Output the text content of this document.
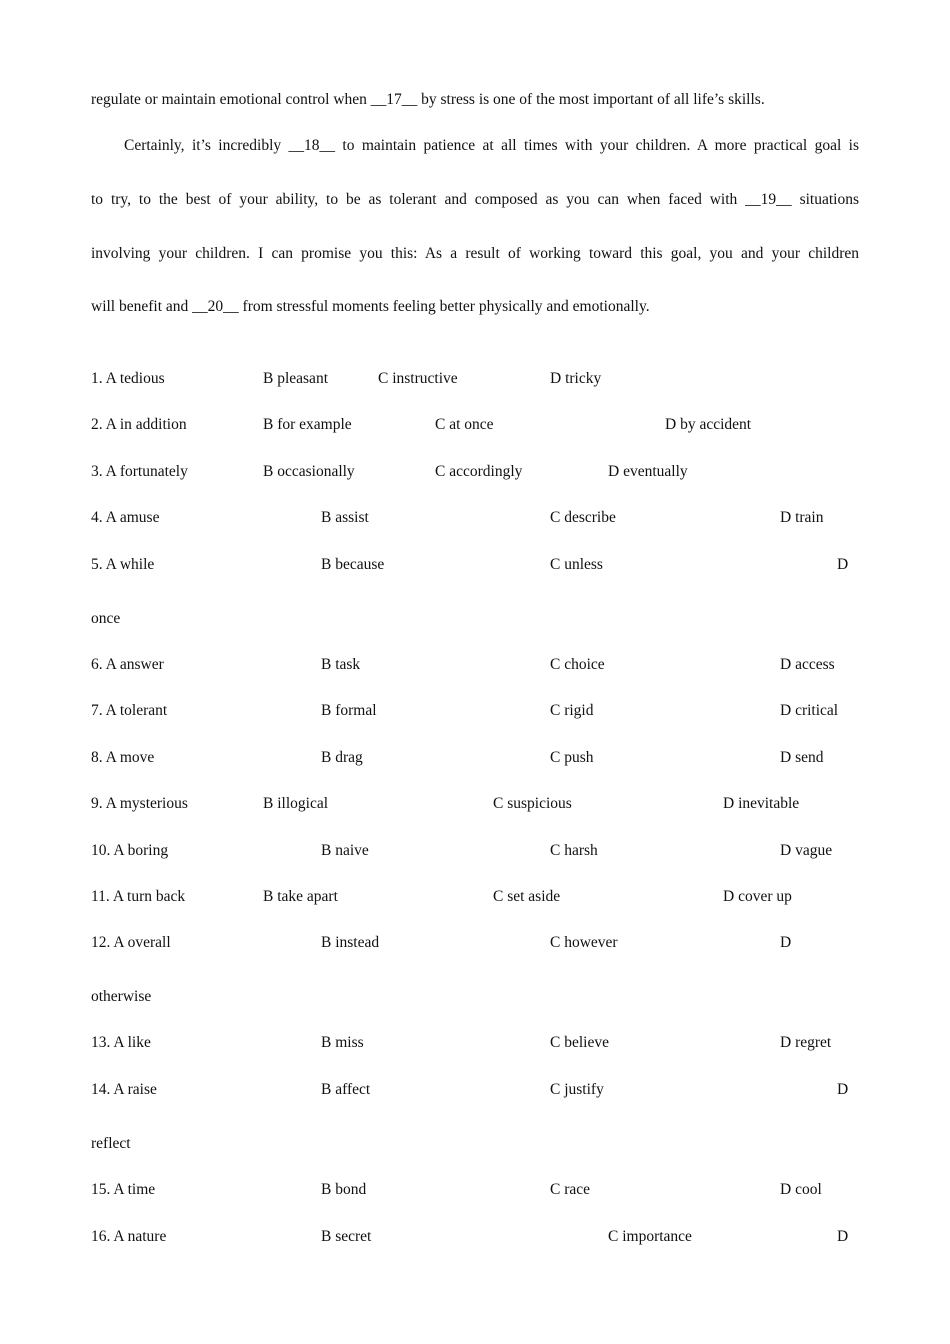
regulate or maintain emotional control when __17__ by stress is one of the most important of all life’s skills.
Certainly, it’s incredibly __18__ to maintain patience at all times with your children. A more practical goal is
to try, to the best of your ability, to be as tolerant and composed as you can when faced with __19__ situations
involving your children. I can promise you this: As a result of working toward this goal, you and your children
will benefit and __20__ from stressful moments feeling better physically and emotionally.
1. A tedious	B pleasant	C instructive	D tricky
2. A in addition	B for example	C at once	D by accident
3. A fortunately	B occasionally	C accordingly	D eventually
4. A amuse	B assist	C describe	D train
5. A while	B because	C unless	D
once
6. A answer	B task	C choice	D access
7. A tolerant	B formal	C rigid	D critical
8. A move	B drag	C push	D send
9. A mysterious	B illogical	C suspicious	D inevitable
10. A boring	B naive	C harsh	D vague
11. A turn back	B take apart	C set aside	D cover up
12. A overall	B instead	C however	D
otherwise
13. A like	B miss	C believe	D regret
14. A raise	B affect	C justify	D
reflect
15. A time	B bond	C race	D cool
16. A nature	B secret	C importance	D
